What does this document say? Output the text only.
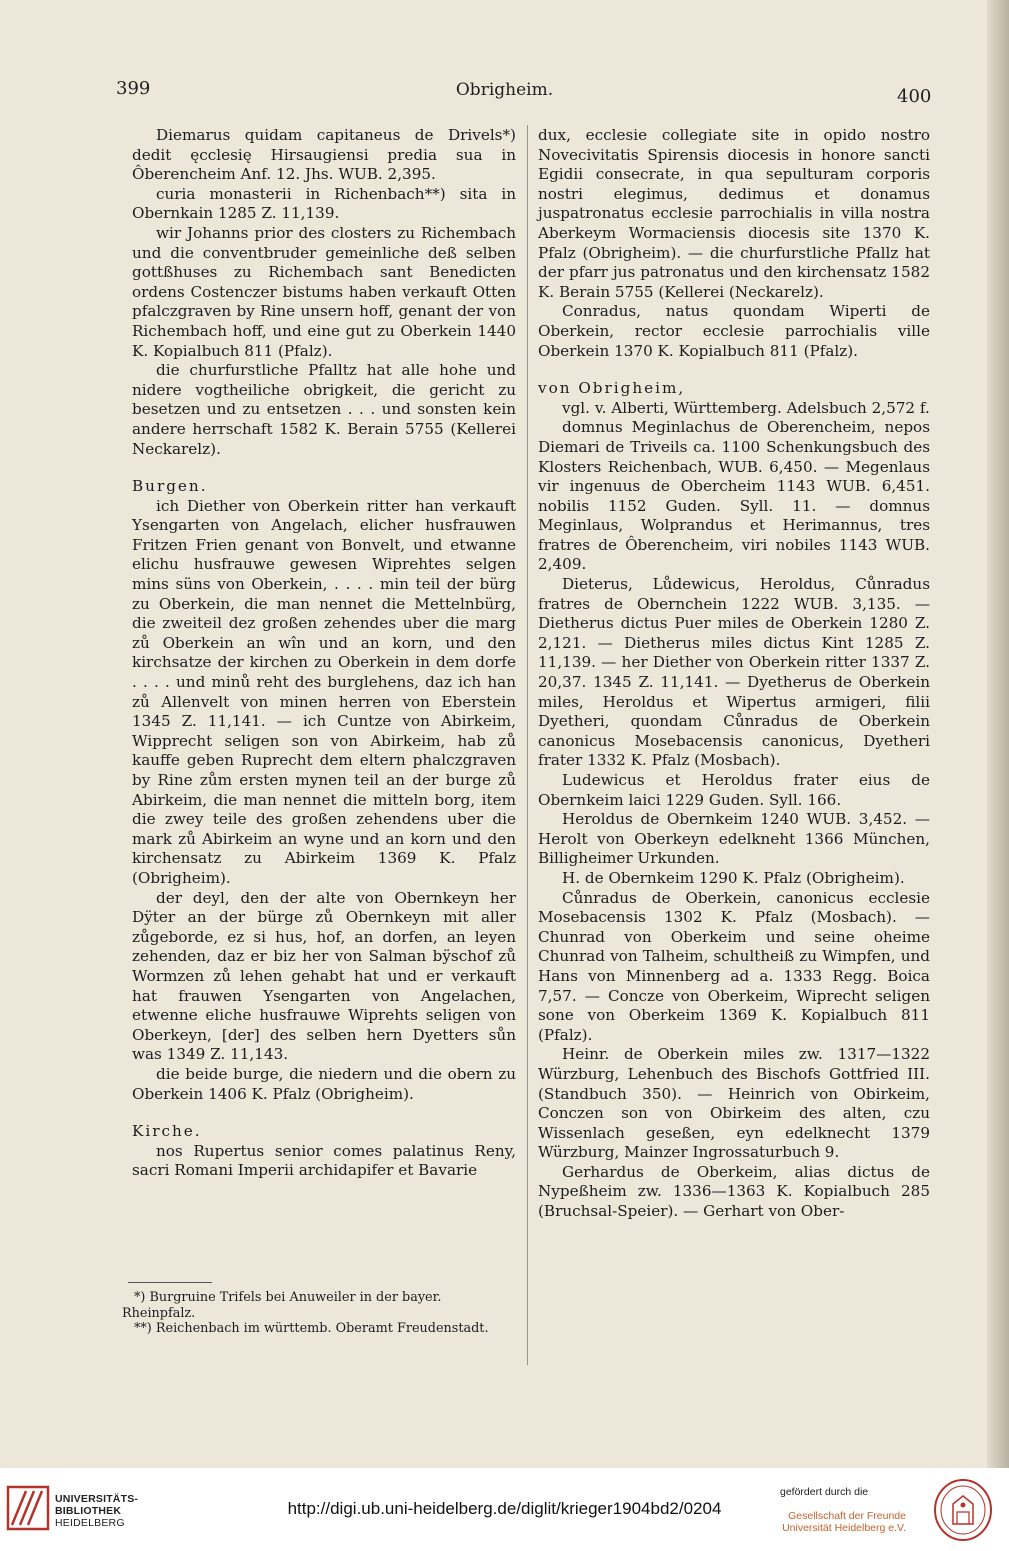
399	Obrigheim.	400

Diemarus quidam capitaneus de Drivels*) dedit ęcclesię Hirsaugiensi predia sua in Ôberencheim Anf. 12. Jhs. WUB. 2,395.

curia monasterii in Richenbach**) sita in Obernkain 1285 Z. 11,139.

wir Johanns prior des closters zu Richembach und die conventbruder gemeinliche deß selben gottßhuses zu Richembach sant Benedicten ordens Costenczer bistums haben verkauft Otten pfalczgraven by Rine unsern hoff, genant der von Richembach hoff, und eine gut zu Oberkein 1440 K. Kopialbuch 811 (Pfalz).

die churfurstliche Pfalltz hat alle hohe und nidere vogtheiliche obrigkeit, die gericht zu besetzen und zu entsetzen . . . und sonsten kein andere herrschaft 1582 K. Berain 5755 (Kellerei Neckarelz).

Burgen.

ich Diether von Oberkein ritter han verkauft Ysengarten von Angelach, elicher husfrauwen Fritzen Frien genant von Bonvelt, und etwanne elichu husfrauwe gewesen Wiprehtes selgen mins süns von Oberkein, . . . . min teil der bürg zu Oberkein, die man nennet die Mettelnbürg, die zweiteil dez großen zehendes uber die marg zů Oberkein an wîn und an korn, und den kirchsatze der kirchen zu Oberkein in dem dorfe . . . . und minů reht des burglehens, daz ich han zů Allenvelt von minen herren von Eberstein 1345 Z. 11,141. — ich Cuntze von Abirkeim, Wipprecht seligen son von Abirkeim, hab zů kauffe geben Ruprecht dem eltern phalczgraven by Rine zům ersten mynen teil an der burge zů Abirkeim, die man nennet die mitteln borg, item die zwey teile des großen zehendens uber die mark zů Abirkeim an wyne und an korn und den kirchensatz zu Abirkeim 1369 K. Pfalz (Obrigheim).

der deyl, den der alte von Obernkeyn her Dÿter an der bürge zů Obernkeyn mit aller zůgeborde, ez si hus, hof, an dorfen, an leyen zehenden, daz er biz her von Salman bÿschof zů Wormzen zů lehen gehabt hat und er verkauft hat frauwen Ysengarten von Angelachen, etwenne eliche husfrauwe Wiprehts seligen von Oberkeyn, [der] des selben hern Dyetters sůn was 1349 Z. 11,143.

die beide burge, die niedern und die obern zu Oberkein 1406 K. Pfalz (Obrigheim).

Kirche.

nos Rupertus senior comes palatinus Reny, sacri Romani Imperii archidapifer et Bavarie

dux, ecclesie collegiate site in opido nostro Novecivitatis Spirensis diocesis in honore sancti Egidii consecrate, in qua sepulturam corporis nostri elegimus, dedimus et donamus juspatronatus ecclesie parrochialis in villa nostra Aberkeym Wormaciensis diocesis site 1370 K. Pfalz (Obrigheim). — die churfurstliche Pfallz hat der pfarr jus patronatus und den kirchensatz 1582 K. Berain 5755 (Kellerei (Neckarelz).

Conradus, natus quondam Wiperti de Oberkein, rector ecclesie parrochialis ville Oberkein 1370 K. Kopialbuch 811 (Pfalz).

von Obrigheim,

vgl. v. Alberti, Württemberg. Adelsbuch 2,572 f.

domnus Meginlachus de Oberencheim, nepos Diemari de Triveils ca. 1100 Schenkungsbuch des Klosters Reichenbach, WUB. 6,450. — Megenlaus vir ingenuus de Obercheim 1143 WUB. 6,451. nobilis 1152 Guden. Syll. 11. — domnus Meginlaus, Wolprandus et Herimannus, tres fratres de Ôberencheim, viri nobiles 1143 WUB. 2,409.

Dieterus, Lůdewicus, Heroldus, Cůnradus fratres de Obernchein 1222 WUB. 3,135. — Dietherus dictus Puer miles de Oberkein 1280 Z. 2,121. — Dietherus miles dictus Kint 1285 Z. 11,139. — her Diether von Oberkein ritter 1337 Z. 20,37. 1345 Z. 11,141. — Dyetherus de Oberkein miles, Heroldus et Wipertus armigeri, filii Dyetheri, quondam Cůnradus de Oberkein canonicus Mosebacensis canonicus, Dyetheri frater 1332 K. Pfalz (Mosbach).

Ludewicus et Heroldus frater eius de Obernkeim laici 1229 Guden. Syll. 166.

Heroldus de Obernkeim 1240 WUB. 3,452. — Herolt von Oberkeyn edelkneht 1366 München, Billigheimer Urkunden.

H. de Obernkeim 1290 K. Pfalz (Obrigheim).

Cůnradus de Oberkein, canonicus ecclesie Mosebacensis 1302 K. Pfalz (Mosbach). — Chunrad von Oberkeim und seine oheime Chunrad von Talheim, schultheiß zu Wimpfen, und Hans von Minnenberg ad a. 1333 Regg. Boica 7,57. — Concze von Oberkeim, Wiprecht seligen sone von Oberkeim 1369 K. Kopialbuch 811 (Pfalz).

Heinr. de Oberkein miles zw. 1317—1322 Würzburg, Lehenbuch des Bischofs Gottfried III. (Standbuch 350). — Heinrich von Obirkeim, Conczen son von Obirkeim des alten, czu Wissenlach geseßen, eyn edelknecht 1379 Würzburg, Mainzer Ingrossaturbuch 9.

Gerhardus de Oberkeim, alias dictus de Nypeßheim zw. 1336—1363 K. Kopialbuch 285 (Bruchsal-Speier). — Gerhart von Ober-

*) Burgruine Trifels bei Anuweiler in der bayer. Rheinpfalz.

**) Reichenbach im württemb. Oberamt Freudenstadt.

UNIVERSITÄTS-
BIBLIOTHEK
HEIDELBERG
http://digi.ub.uni-heidelberg.de/diglit/krieger1904bd2/0204
gefördert durch die
Gesellschaft der Freunde
Universität Heidelberg e.V.
